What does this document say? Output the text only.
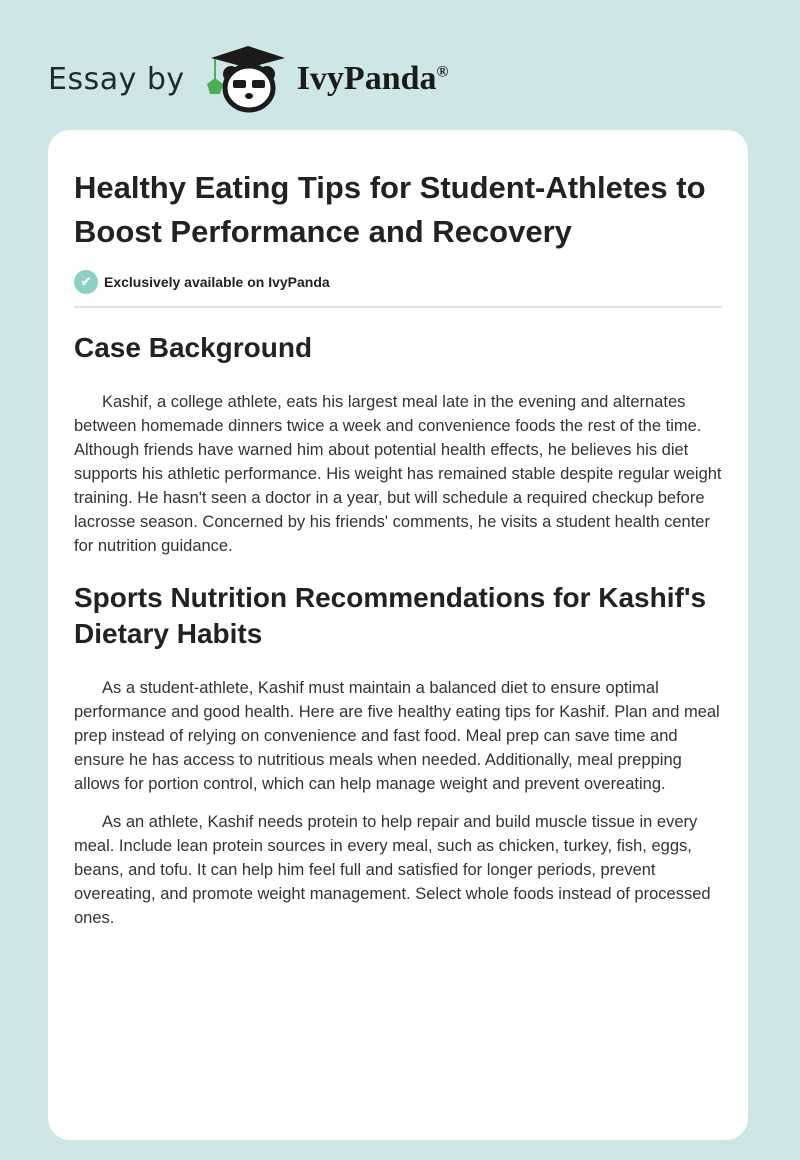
Essay by	IvyPanda®
Healthy Eating Tips for Student-Athletes to Boost Performance and Recovery
✔ Exclusively available on IvyPanda
Case Background

Kashif, a college athlete, eats his largest meal late in the evening and alternates between homemade dinners twice a week and convenience foods the rest of the time. Although friends have warned him about potential health effects, he believes his diet supports his athletic performance. His weight has remained stable despite regular weight training. He hasn't seen a doctor in a year, but will schedule a required checkup before lacrosse season. Concerned by his friends' comments, he visits a student health center for nutrition guidance.

Sports Nutrition Recommendations for Kashif's Dietary Habits

As a student-athlete, Kashif must maintain a balanced diet to ensure optimal performance and good health. Here are five healthy eating tips for Kashif. Plan and meal prep instead of relying on convenience and fast food. Meal prep can save time and ensure he has access to nutritious meals when needed. Additionally, meal prepping allows for portion control, which can help manage weight and prevent overeating.

As an athlete, Kashif needs protein to help repair and build muscle tissue in every meal. Include lean protein sources in every meal, such as chicken, turkey, fish, eggs, beans, and tofu. It can help him feel full and satisfied for longer periods, prevent overeating, and promote weight management. Select whole foods instead of processed ones.
